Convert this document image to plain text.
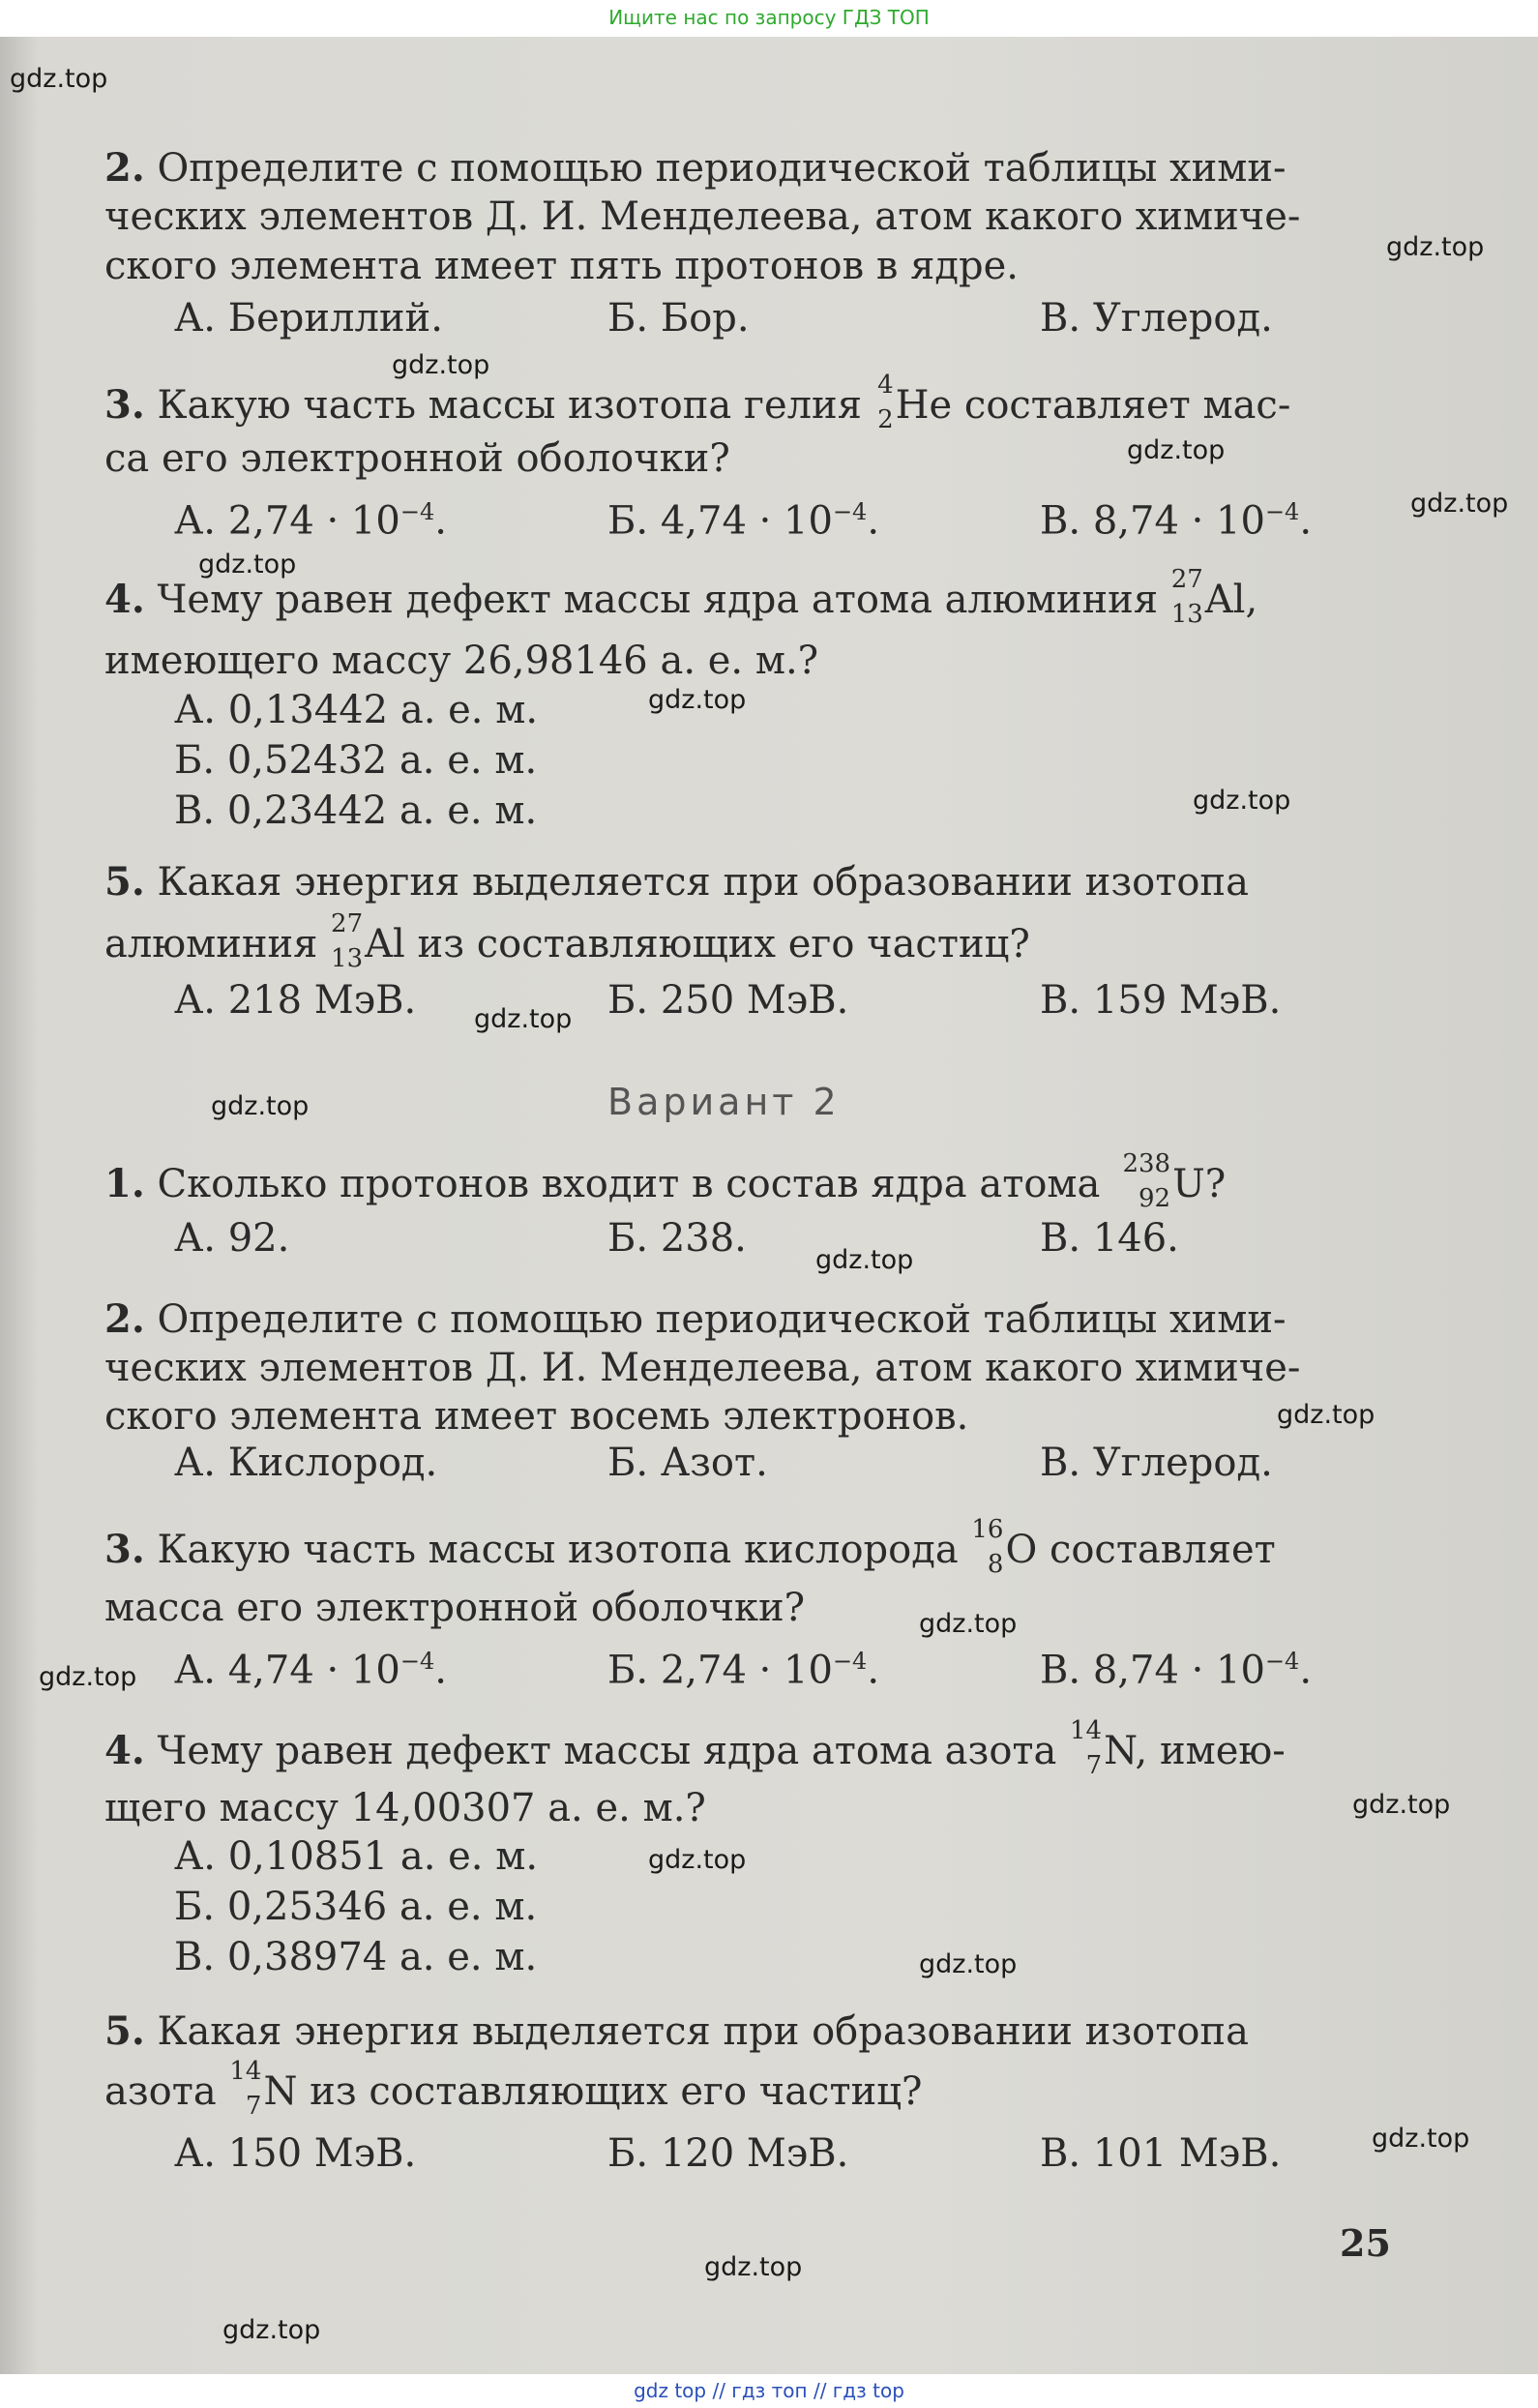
Ищите нас по запросу ГДЗ ТОП
2. Определите с помощью периодической таблицы хими-
ческих элементов Д. И. Менделеева, атом какого химиче-
ского элемента имеет пять протонов в ядре.
А. Бериллий.	Б. Бор.	В. Углерод.
3. Какую часть массы изотопа гелия 4
2 He составляет мас-
са его электронной оболочки?
А. $2,74 \cdot 10^{-4}$.	Б. $4,74 \cdot 10^{-4}$.	В. $8,74 \cdot 10^{-4}$.
4. Чему равен дефект массы ядра атома алюминия 27
13 Al,
имеющего массу 26,98146 а. е. м.?
А. 0,13442 а. е. м.
Б. 0,52432 а. е. м.
В. 0,23442 а. е. м.
5. Какая энергия выделяется при образовании изотопа
алюминия 27
13 Al из составляющих его частиц?
А. 218 МэВ.	Б. 250 МэВ.	В. 159 МэВ.
Вариант 2
1. Сколько протонов входит в состав ядра атома 238
92 U?
А. 92.	Б. 238.	В. 146.
2. Определите с помощью периодической таблицы хими-
ческих элементов Д. И. Менделеева, атом какого химиче-
ского элемента имеет восемь электронов.
А. Кислород.	Б. Азот.	В. Углерод.
3. Какую часть массы изотопа кислорода 16
8 O составляет
масса его электронной оболочки?
А. $4,74 \cdot 10^{-4}$.	Б. $2,74 \cdot 10^{-4}$.	В. $8,74 \cdot 10^{-4}$.
4. Чему равен дефект массы ядра атома азота 14
7 N, имею-
щего массу 14,00307 а. е. м.?
А. 0,10851 а. е. м.
Б. 0,25346 а. е. м.
В. 0,38974 а. е. м.
5. Какая энергия выделяется при образовании изотопа
азота 14
7 N из составляющих его частиц?
А. 150 МэВ.	Б. 120 МэВ.	В. 101 МэВ.
25
gdz.top
gdz.top
gdz.top
gdz.top
gdz.top
gdz.top
gdz.top
gdz.top
gdz.top
gdz.top
gdz.top
gdz.top
gdz.top
gdz.top
gdz.top
gdz.top
gdz.top
gdz.top
gdz.top
gdz.top
gdz top // гдз топ // гдз top
